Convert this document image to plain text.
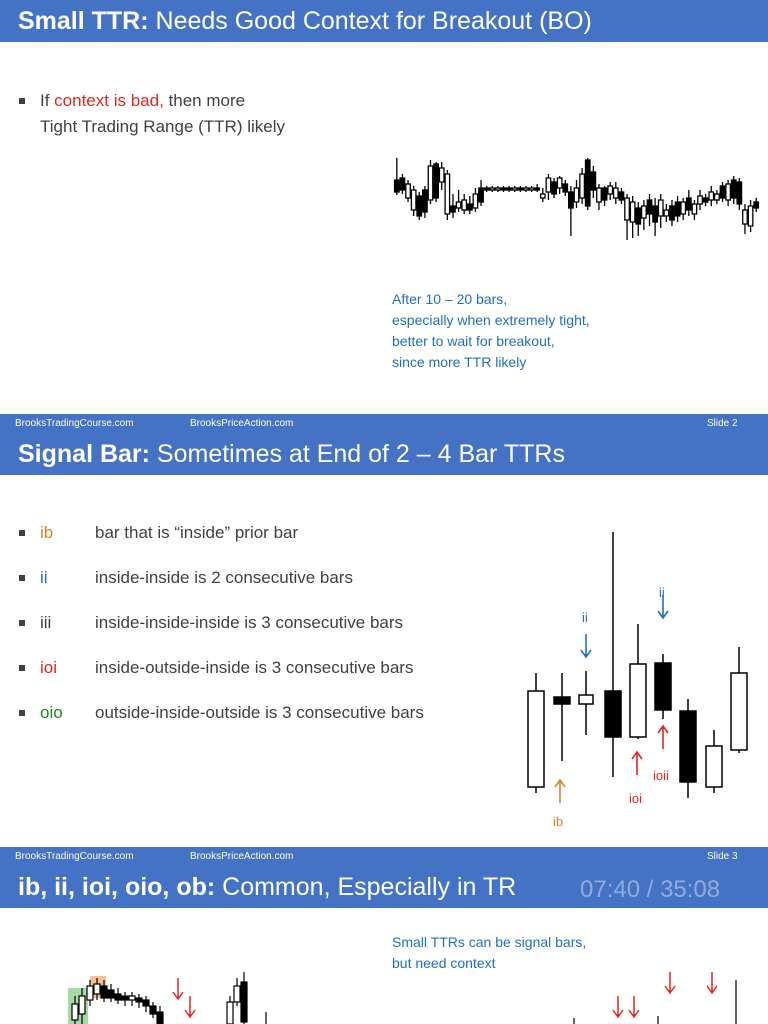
Small TTR: Needs Good Context for Breakout (BO)
If context is bad, then more
Tight Trading Range (TTR) likely
After 10 – 20 bars,
especially when extremely tight,
better to wait for breakout,
since more TTR likely
BrooksTradingCourse.com	BrooksPriceAction.com	Slide 2
Signal Bar: Sometimes at End of 2 – 4 Bar TTRs
ib bar that is “inside” prior bar
ii	inside-inside is 2 consecutive bars
iii	inside-inside-inside is 3 consecutive bars
ioi inside-outside-inside is 3 consecutive bars
oio outside-inside-outside is 3 consecutive bars
ii
ii
ib
ioi
ioii
BrooksTradingCourse.com	BrooksPriceAction.com	Slide 3
ib, ii, ioi, oio, ob: Common, Especially in TR	07:40 / 35:08
Small TTRs can be signal bars,
but need context
